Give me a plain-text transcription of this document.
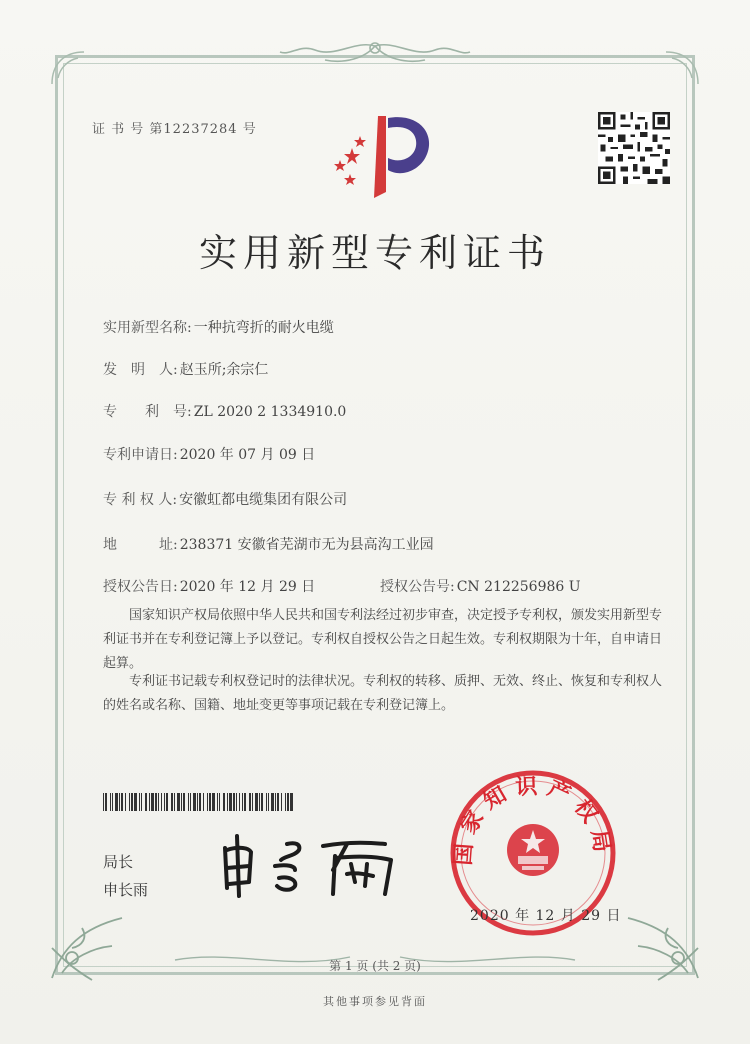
证 书 号 第12237284 号
实用新型专利证书
实用新型名称: 一种抗弯折的耐火电缆
发　明　人: 赵玉所;余宗仁
专　　利　号: ZL 2020 2 1334910.0
专利申请日: 2020 年 07 月 09 日
专 利 权 人: 安徽虹都电缆集团有限公司
地　　　址: 238371 安徽省芜湖市无为县高沟工业园
授权公告日: 2020 年 12 月 29 日	授权公告号: CN 212256986 U
　　国家知识产权局依照中华人民共和国专利法经过初步审查，决定授予专利权，颁发实用新型专利证书并在专利登记簿上予以登记。专利权自授权公告之日起生效。专利权期限为十年，自申请日起算。
　　专利证书记载专利权登记时的法律状况。专利权的转移、质押、无效、终止、恢复和专利权人的姓名或名称、国籍、地址变更等事项记载在专利登记簿上。
局长
申长雨
国家知识产权局
2020 年 12 月 29 日
第 1 页 (共 2 页)
其他事项参见背面
